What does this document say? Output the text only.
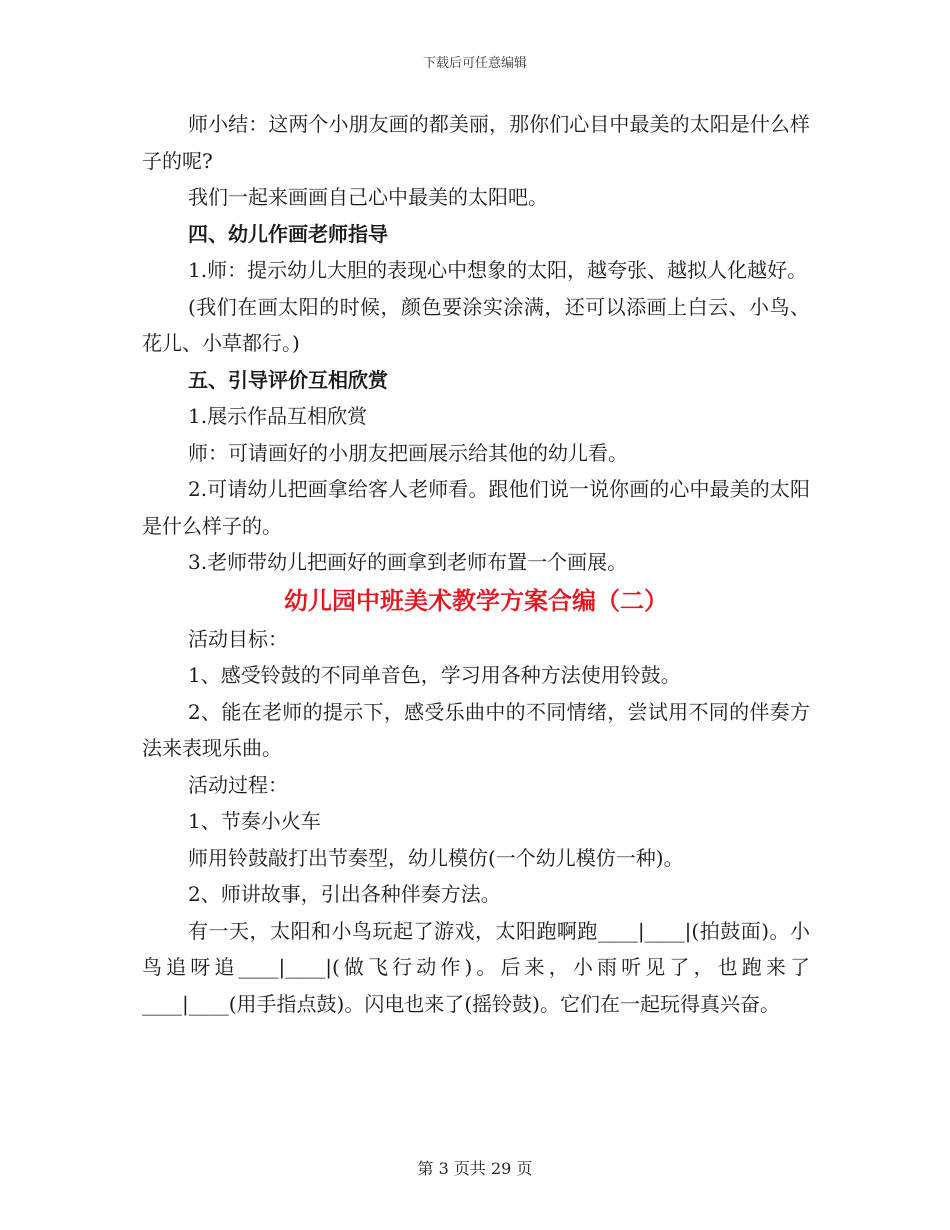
下载后可任意编辑

师小结：这两个小朋友画的都美丽，那你们心目中最美的太阳是什么样子的呢?

我们一起来画画自己心中最美的太阳吧。

四、幼儿作画老师指导

1.师：提示幼儿大胆的表现心中想象的太阳，越夸张、越拟人化越好。

(我们在画太阳的时候，颜色要涂实涂满，还可以添画上白云、小鸟、花儿、小草都行。)

五、引导评价互相欣赏

1.展示作品互相欣赏

师：可请画好的小朋友把画展示给其他的幼儿看。

2.可请幼儿把画拿给客人老师看。跟他们说一说你画的心中最美的太阳是什么样子的。

3.老师带幼儿把画好的画拿到老师布置一个画展。

幼儿园中班美术教学方案合编（二）

活动目标：

1、感受铃鼓的不同单音色，学习用各种方法使用铃鼓。

2、能在老师的提示下，感受乐曲中的不同情绪，尝试用不同的伴奏方法来表现乐曲。

活动过程：

1、节奏小火车

师用铃鼓敲打出节奏型，幼儿模仿(一个幼儿模仿一种)。

2、师讲故事，引出各种伴奏方法。

有一天，太阳和小鸟玩起了游戏，太阳跑啊跑____|____|(拍鼓面)。小鸟追呀追____|____|(做飞行动作)。后来，小雨听见了，也跑来了____|____(用手指点鼓)。闪电也来了(摇铃鼓)。它们在一起玩得真兴奋。

第 3 页共 29 页
